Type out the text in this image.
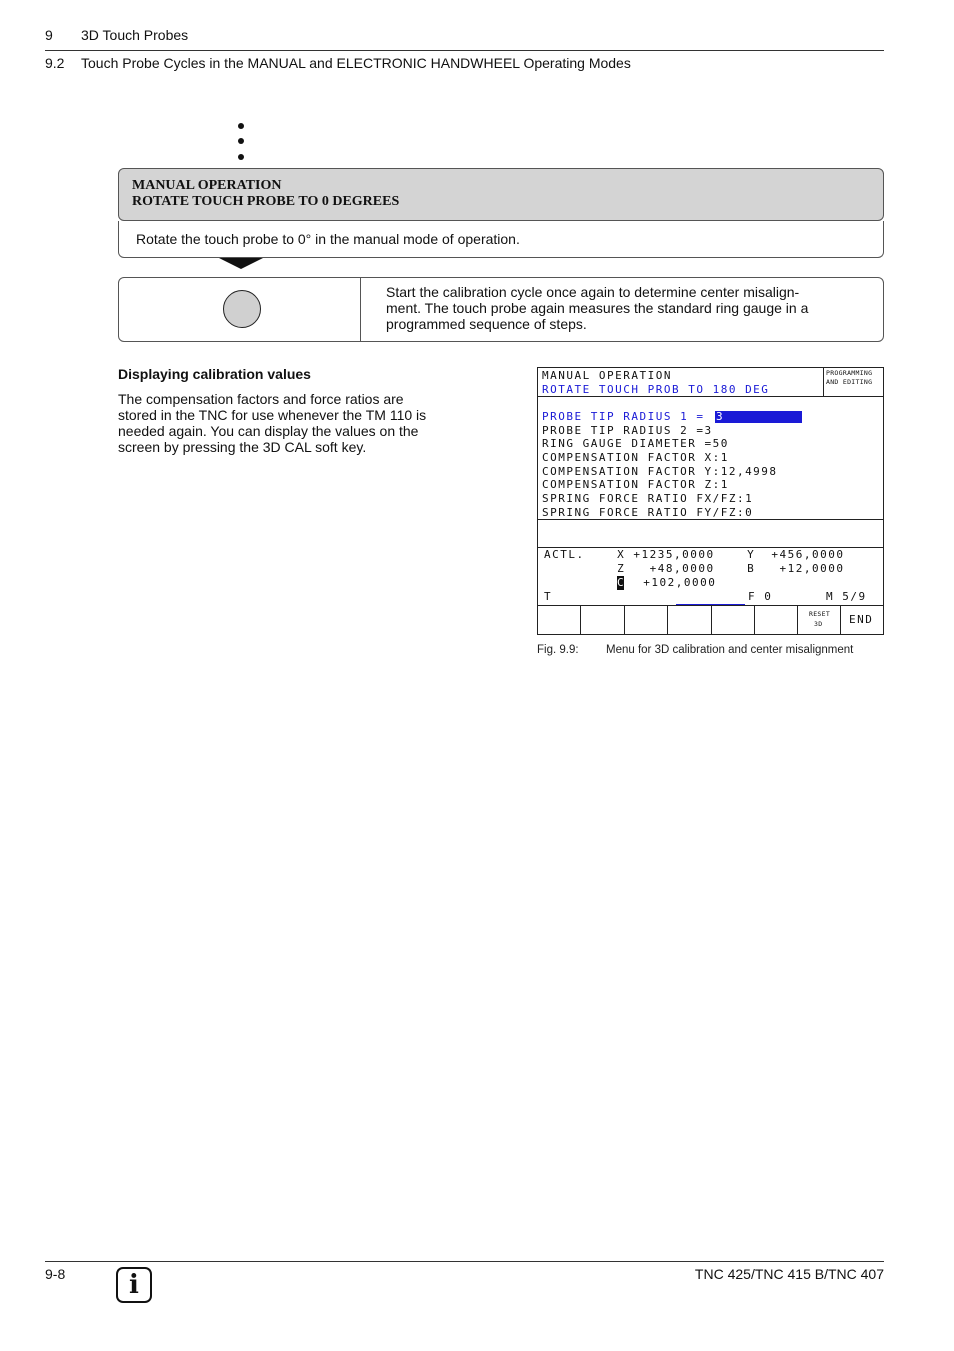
9 3D Touch Probes
9.2 Touch Probe Cycles in the MANUAL and ELECTRONIC HANDWHEEL Operating Modes
MANUAL OPERATION
ROTATE TOUCH PROBE TO 0 DEGREES
Rotate the touch probe to 0° in the manual mode of operation.
Start the calibration cycle once again to determine center misalign-
ment. The touch probe again measures the standard ring gauge in a
programmed sequence of steps.
Displaying calibration values
The compensation factors and force ratios are
stored in the TNC for use whenever the TM 110 is
needed again. You can display the values on the
screen by pressing the 3D CAL soft key.
MANUAL OPERATION
ROTATE TOUCH PROB TO 180 DEG
PROGRAMMING
AND EDITING
PROBE TIP RADIUS 1 = 3
PROBE TIP RADIUS 2 =3
RING GAUGE DIAMETER =50
COMPENSATION FACTOR X:1
COMPENSATION FACTOR Y:12,4998
COMPENSATION FACTOR Z:1
SPRING FORCE RATIO FX/FZ:1
SPRING FORCE RATIO FY/FZ:0
ACTL.    X +1235,0000    Y  +456,0000
Z   +48,0000    B   +12,0000
C +102,0000
T	F 0	M 5/9
RESET
3D END
Fig. 9.9: Menu for 3D calibration and center misalignment
9-8 i	TNC 425/TNC 415 B/TNC 407
